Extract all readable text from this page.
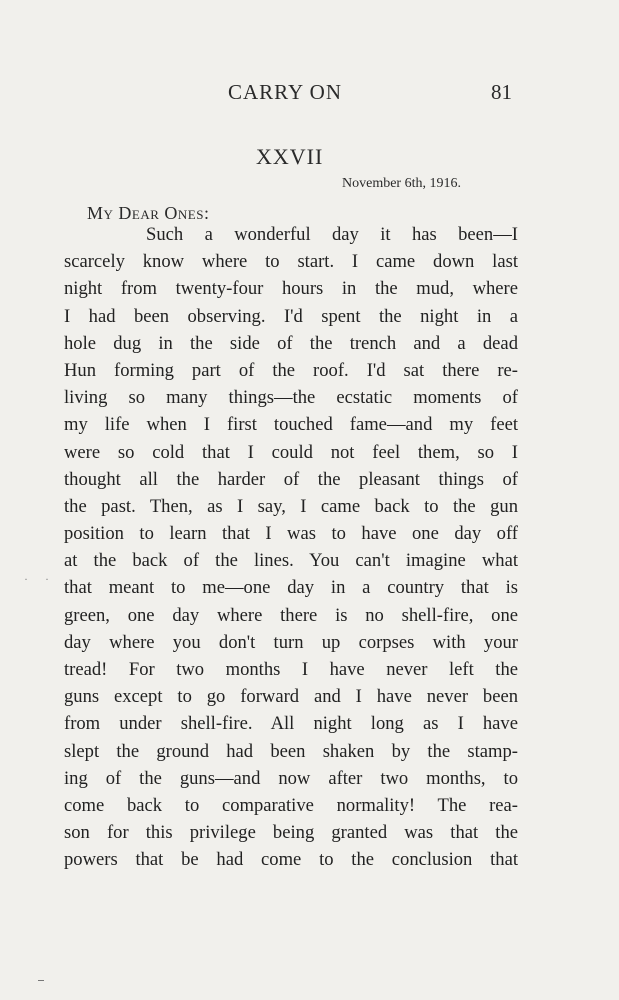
CARRY ON	81
XXVII
November 6th, 1916.
My Dear Ones:
Such a wonderful day it has been—I
scarcely know where to start. I came down last
night from twenty-four hours in the mud, where
I had been observing. I'd spent the night in a
hole dug in the side of the trench and a dead
Hun forming part of the roof. I'd sat there re-
living so many things—the ecstatic moments of
my life when I first touched fame—and my feet
were so cold that I could not feel them, so I
thought all the harder of the pleasant things of
the past. Then, as I say, I came back to the gun
position to learn that I was to have one day off
at the back of the lines. You can't imagine what
that meant to me—one day in a country that is
green, one day where there is no shell-fire, one
day where you don't turn up corpses with your
tread! For two months I have never left the
guns except to go forward and I have never been
from under shell-fire. All night long as I have
slept the ground had been shaken by the stamp-
ing of the guns—and now after two months, to
come back to comparative normality! The rea-
son for this privilege being granted was that the
powers that be had come to the conclusion that
· ·
